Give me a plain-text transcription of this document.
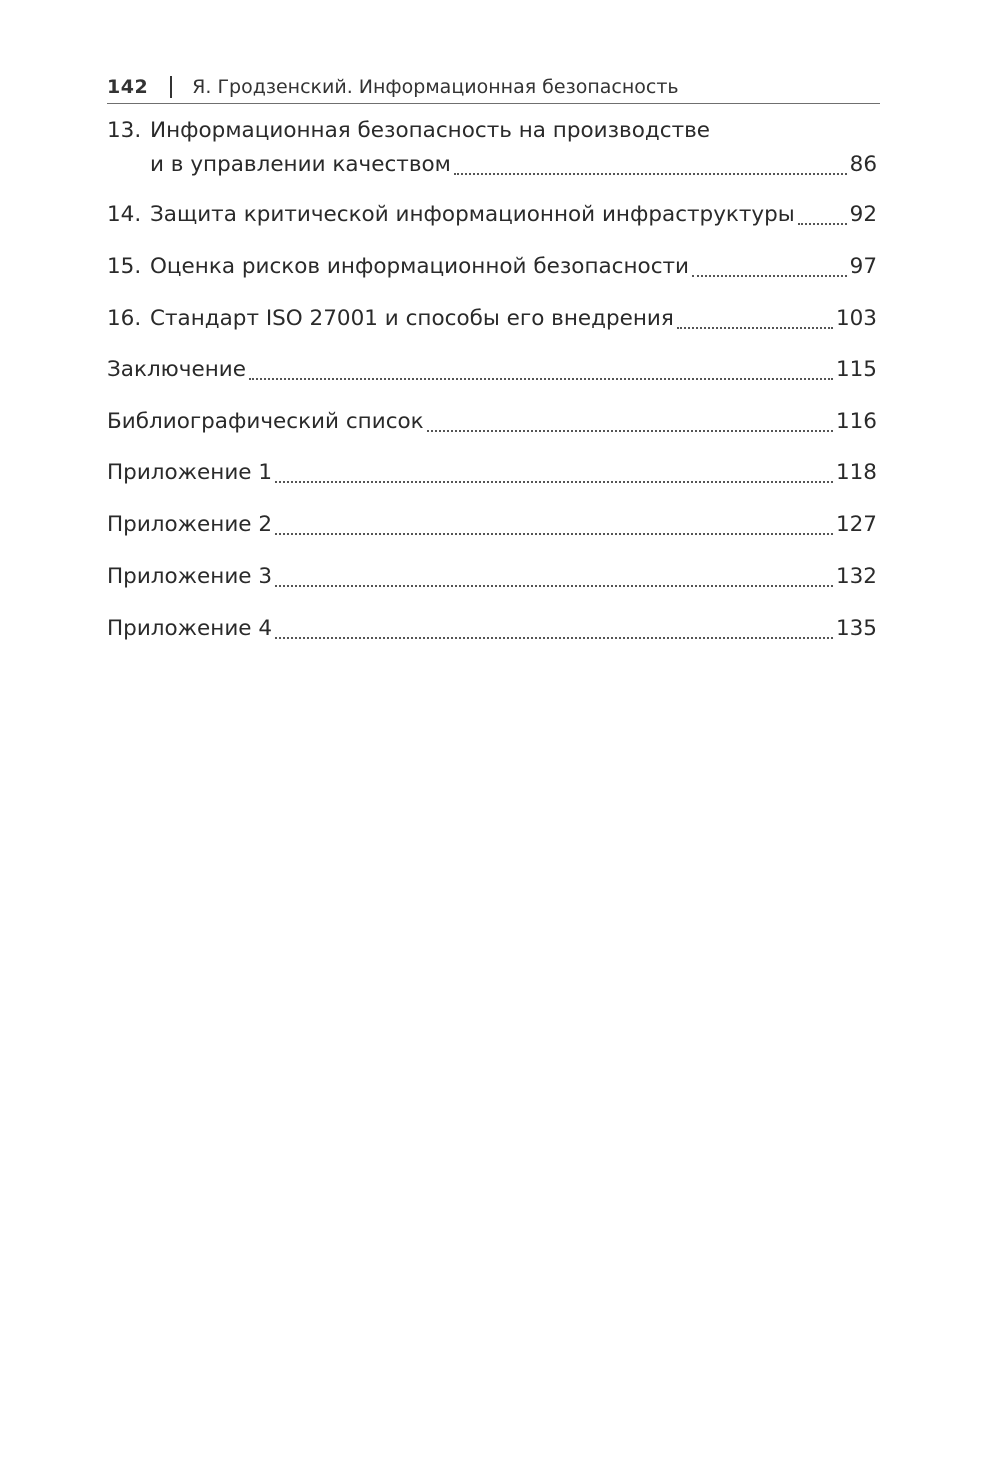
142 Я. Гродзенский. Информационная безопасность
13. Информационная безопасность на производстве
и в управлении качеством	86
14. Защита критической информационной инфраструктуры	92
15. Оценка рисков информационной безопасности	97
16. Стандарт ISO 27001 и способы его внедрения	103
Заключение	115
Библиографический список	116
Приложение 1	118
Приложение 2	127
Приложение 3	132
Приложение 4	135
